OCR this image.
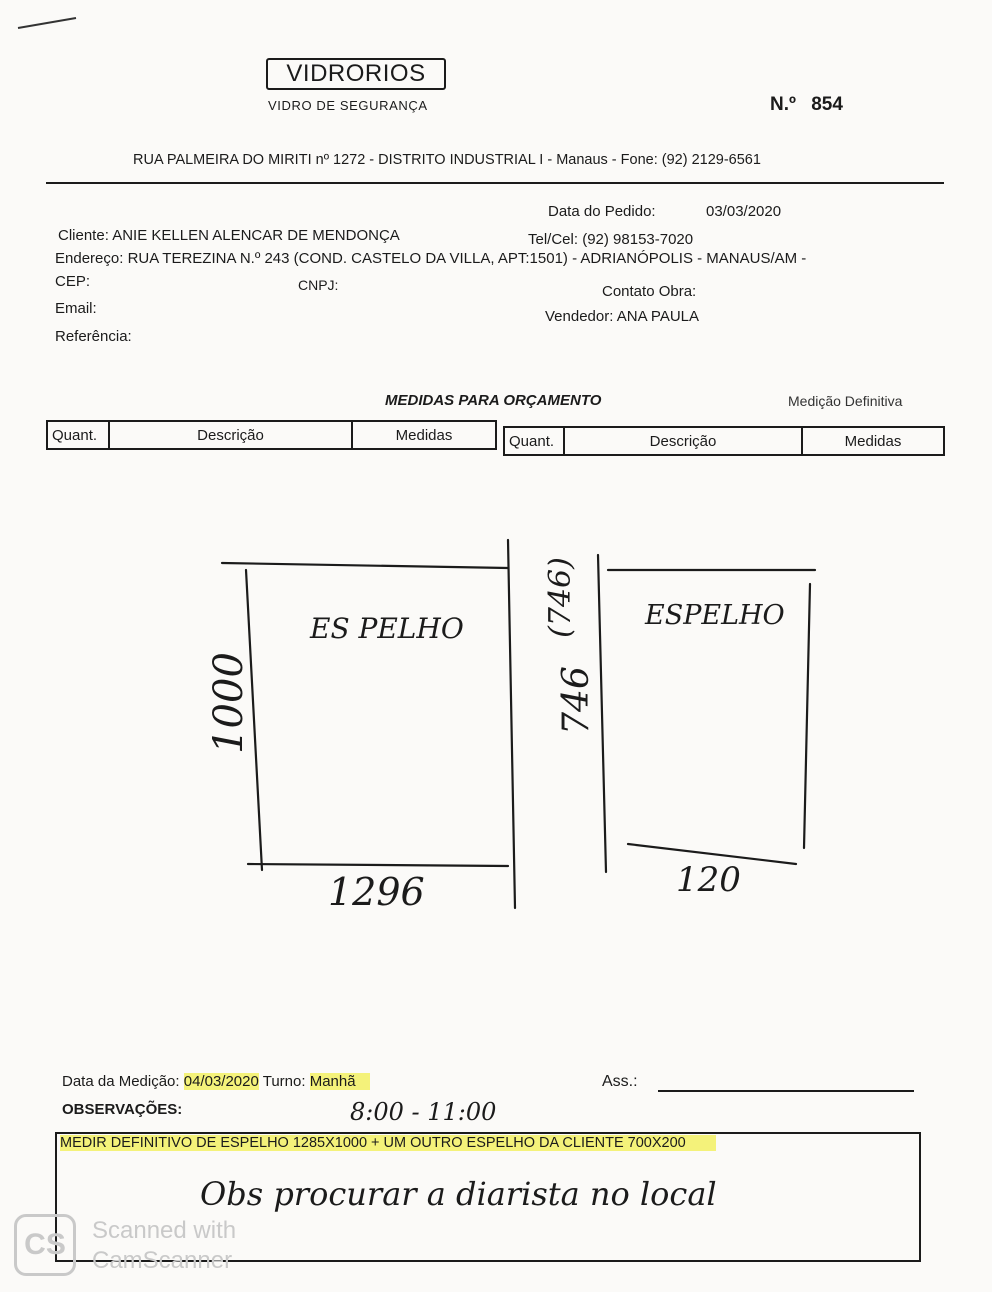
VIDRORIOS
VIDRO DE SEGURANÇA	N.º 854
RUA PALMEIRA DO MIRITI nº 1272 - DISTRITO INDUSTRIAL I - Manaus - Fone: (92) 2129-6561
Data do Pedido:	03/03/2020
Cliente: ANIE KELLEN ALENCAR DE MENDONÇA	Tel/Cel: (92) 98153-7020
Endereço: RUA TEREZINA N.º 243 (COND. CASTELO DA VILLA, APT:1501) - ADRIANÓPOLIS - MANAUS/AM -
CEP:	CNPJ:	Contato Obra:
Email:	Vendedor: ANA PAULA
Referência:
MEDIDAS PARA ORÇAMENTO	Medição Definitiva
Quant.	Descrição	Medidas	Quant.	Descrição	Medidas
ES PELHO
1000
1296
ESPELHO
(746)
746
120
Data da Medição: 04/03/2020 Turno: Manhã	Ass.:
OBSERVAÇÕES:	8:00 - 11:00
MEDIR DEFINITIVO DE ESPELHO 1285X1000 + UM OUTRO ESPELHO DA CLIENTE 700X200
Obs procurar a diarista no local
CS	Scanned with
CamScanner
